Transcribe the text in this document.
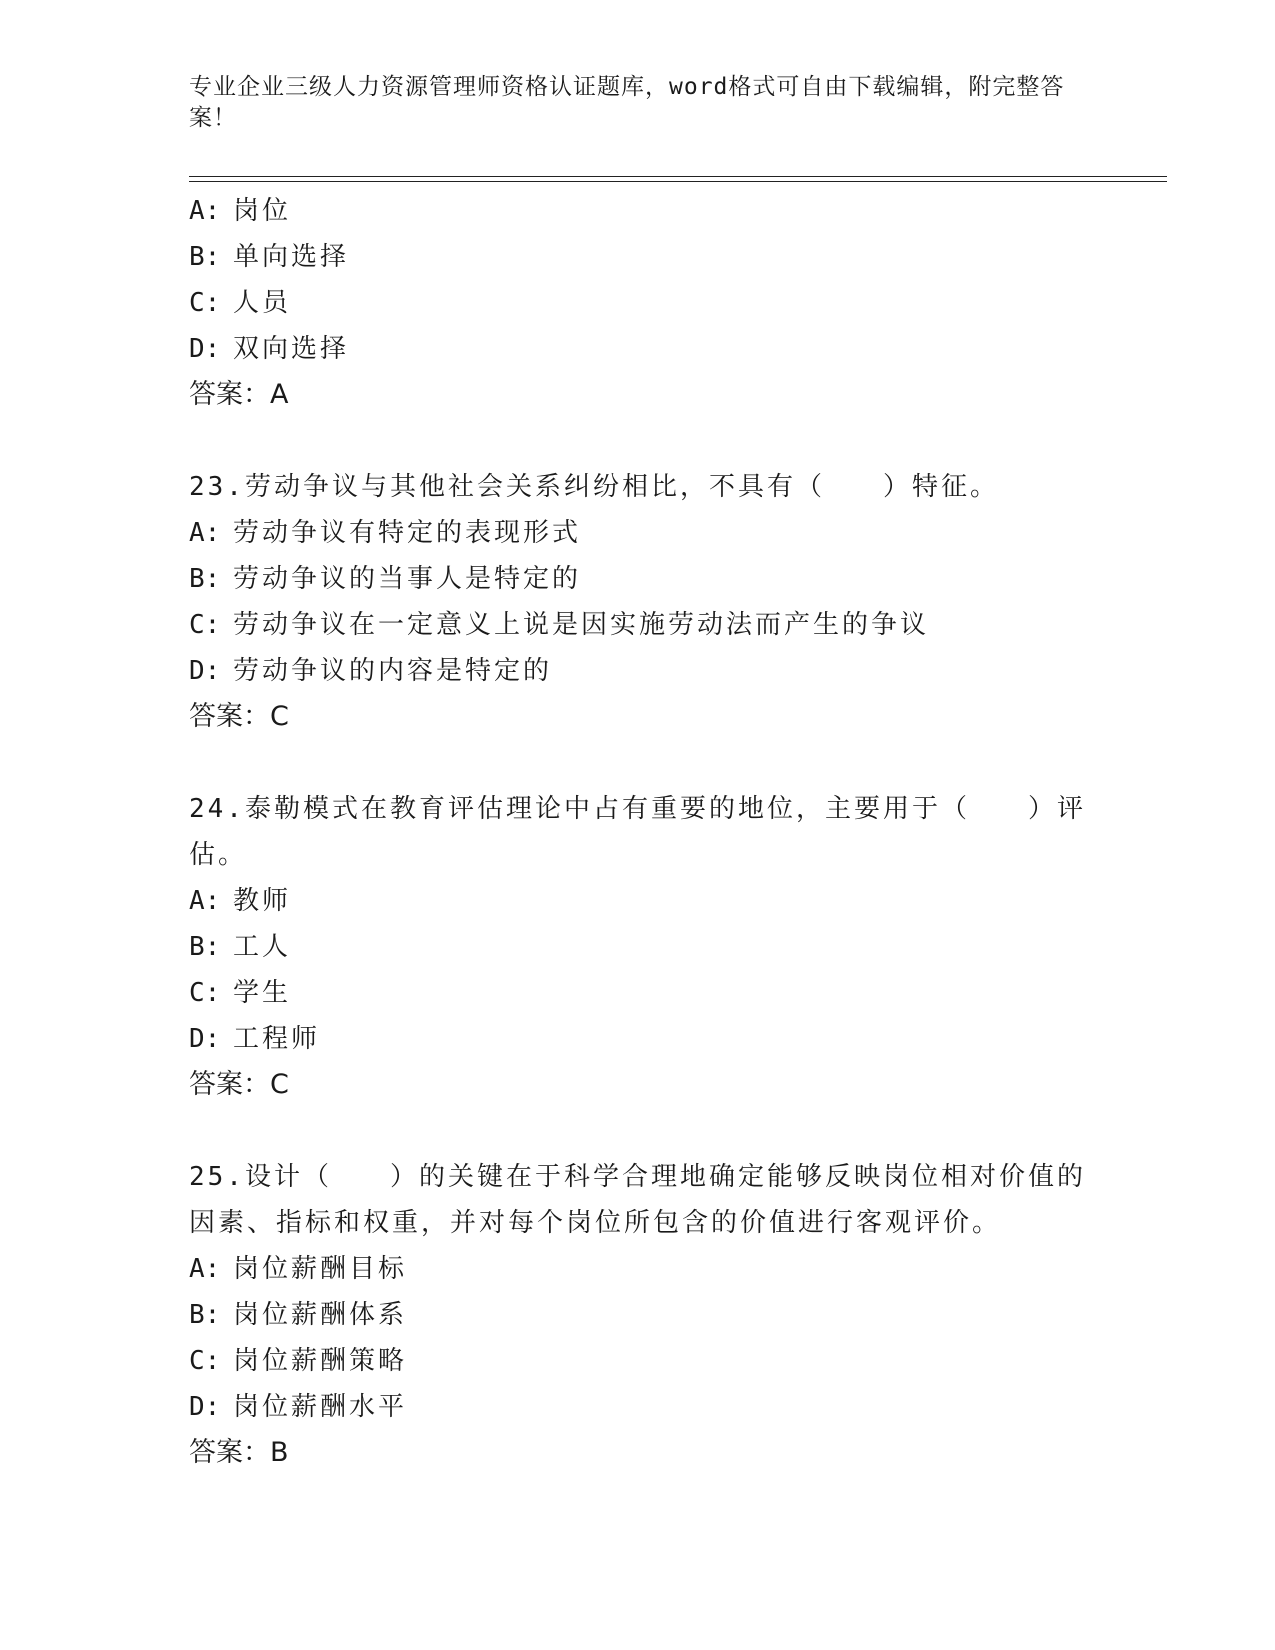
专业企业三级人力资源管理师资格认证题库，word格式可自由下载编辑，附完整答案！
A: 岗位
B: 单向选择
C: 人员
D: 双向选择
答案：A
23.劳动争议与其他社会关系纠纷相比，不具有（　　）特征。
A: 劳动争议有特定的表现形式
B: 劳动争议的当事人是特定的
C: 劳动争议在一定意义上说是因实施劳动法而产生的争议
D: 劳动争议的内容是特定的
答案：C
24.泰勒模式在教育评估理论中占有重要的地位，主要用于（　　）评估。
A: 教师
B: 工人
C: 学生
D: 工程师
答案：C
25.设计（　　）的关键在于科学合理地确定能够反映岗位相对价值的因素、指标和权重，并对每个岗位所包含的价值进行客观评价。
A: 岗位薪酬目标
B: 岗位薪酬体系
C: 岗位薪酬策略
D: 岗位薪酬水平
答案：B
